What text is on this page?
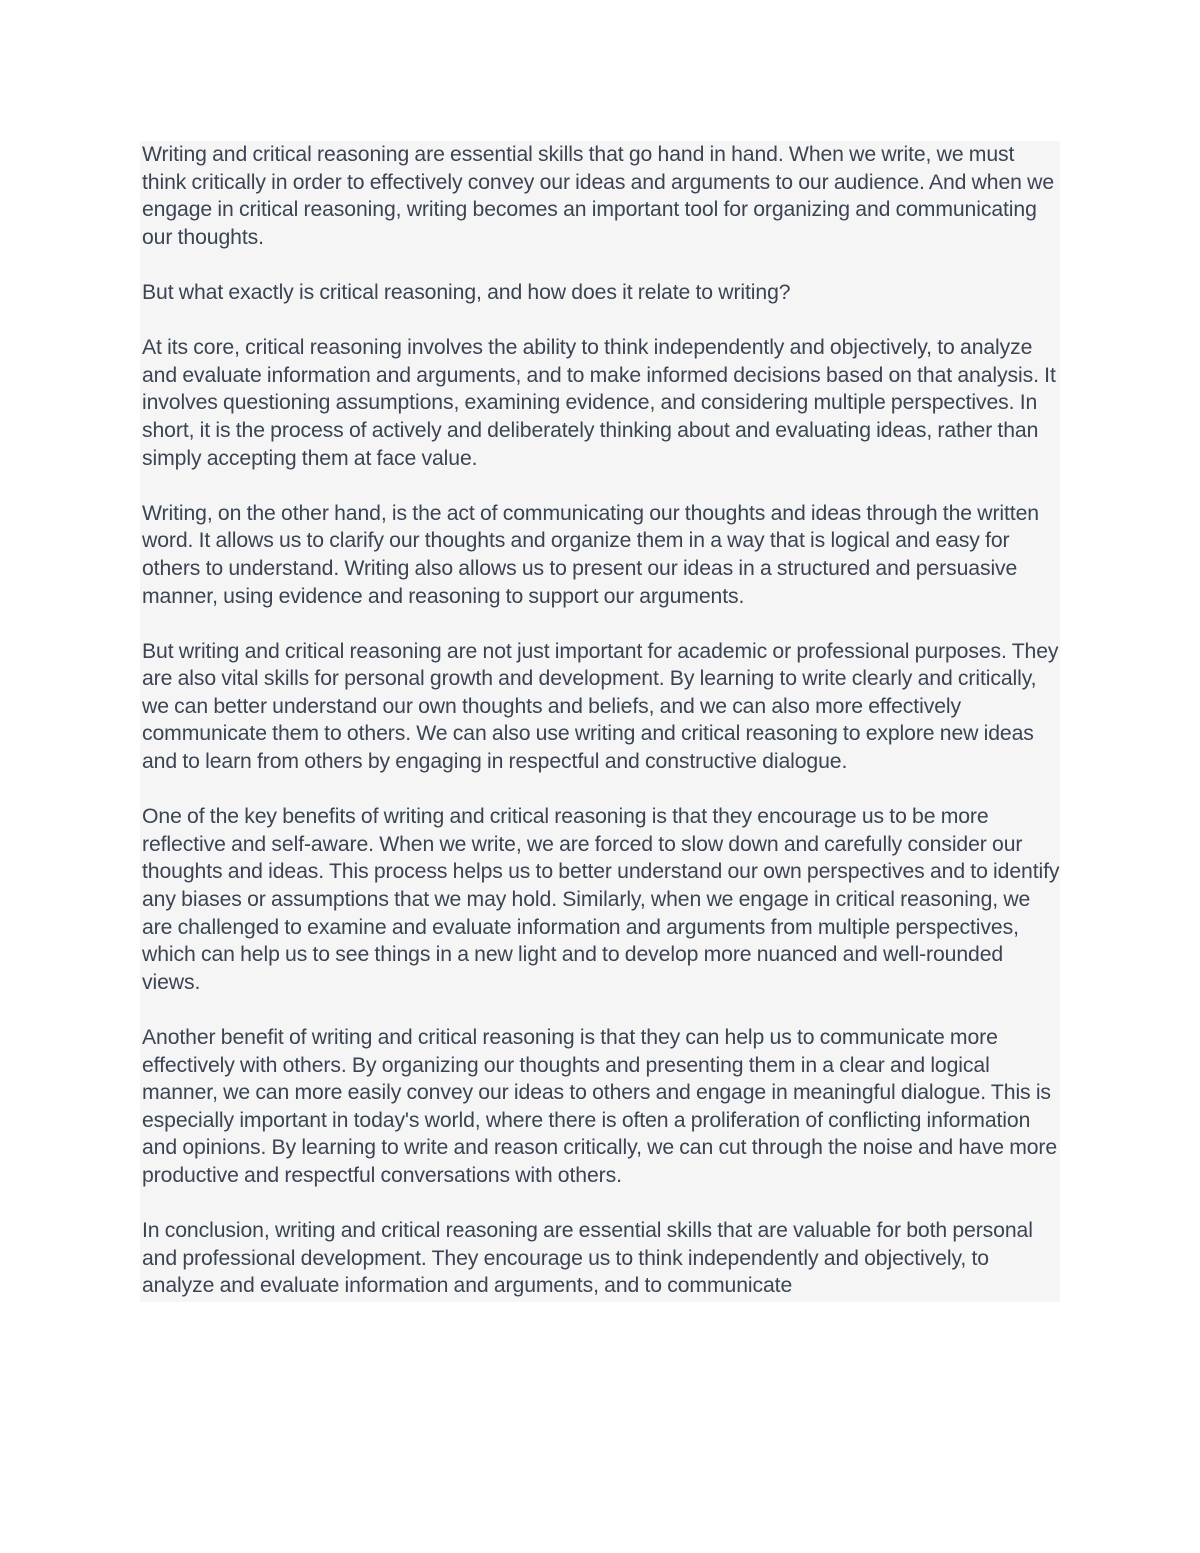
Writing and critical reasoning are essential skills that go hand in hand. When we write, we must think critically in order to effectively convey our ideas and arguments to our audience. And when we engage in critical reasoning, writing becomes an important tool for organizing and communicating our thoughts.

But what exactly is critical reasoning, and how does it relate to writing?

At its core, critical reasoning involves the ability to think independently and objectively, to analyze and evaluate information and arguments, and to make informed decisions based on that analysis. It involves questioning assumptions, examining evidence, and considering multiple perspectives. In short, it is the process of actively and deliberately thinking about and evaluating ideas, rather than simply accepting them at face value.

Writing, on the other hand, is the act of communicating our thoughts and ideas through the written word. It allows us to clarify our thoughts and organize them in a way that is logical and easy for others to understand. Writing also allows us to present our ideas in a structured and persuasive manner, using evidence and reasoning to support our arguments.

But writing and critical reasoning are not just important for academic or professional purposes. They are also vital skills for personal growth and development. By learning to write clearly and critically, we can better understand our own thoughts and beliefs, and we can also more effectively communicate them to others. We can also use writing and critical reasoning to explore new ideas and to learn from others by engaging in respectful and constructive dialogue.

One of the key benefits of writing and critical reasoning is that they encourage us to be more reflective and self-aware. When we write, we are forced to slow down and carefully consider our thoughts and ideas. This process helps us to better understand our own perspectives and to identify any biases or assumptions that we may hold. Similarly, when we engage in critical reasoning, we are challenged to examine and evaluate information and arguments from multiple perspectives, which can help us to see things in a new light and to develop more nuanced and well-rounded views.

Another benefit of writing and critical reasoning is that they can help us to communicate more effectively with others. By organizing our thoughts and presenting them in a clear and logical manner, we can more easily convey our ideas to others and engage in meaningful dialogue. This is especially important in today's world, where there is often a proliferation of conflicting information and opinions. By learning to write and reason critically, we can cut through the noise and have more productive and respectful conversations with others.

In conclusion, writing and critical reasoning are essential skills that are valuable for both personal and professional development. They encourage us to think independently and objectively, to analyze and evaluate information and arguments, and to communicate
